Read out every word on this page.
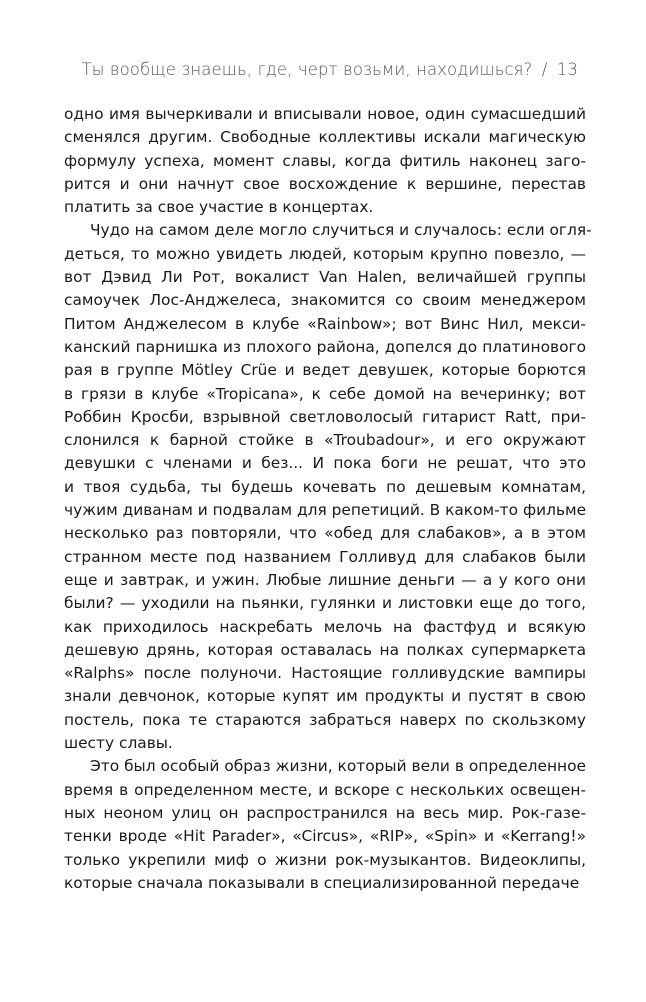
Ты вообще знаешь, где, черт возьми, находишься? / 13

одно имя вычеркивали и вписывали новое, один сумасшедший
сменялся другим. Свободные коллективы искали магическую
формулу успеха, момент славы, когда фитиль наконец заго-
рится и они начнут свое восхождение к вершине, перестав
платить за свое участие в концертах.

Чудо на самом деле могло случиться и случалось: если огля-
деться, то можно увидеть людей, которым крупно повезло, —
вот Дэвид Ли Рот, вокалист Van Halen, величайшей группы
самоучек Лос-Анджелеса, знакомится со своим менеджером
Питом Анджелесом в клубе «Rainbow»; вот Винс Нил, мекси-
канский парнишка из плохого района, допелся до платинового
рая в группе Mötley Crüe и ведет девушек, которые борются
в грязи в клубе «Tropicana», к себе домой на вечеринку; вот
Роббин Кросби, взрывной светловолосый гитарист Ratt, при-
слонился к барной стойке в «Troubadour», и его окружают
девушки с членами и без... И пока боги не решат, что это
и твоя судьба, ты будешь кочевать по дешевым комнатам,
чужим диванам и подвалам для репетиций. В каком-то фильме
несколько раз повторяли, что «обед для слабаков», а в этом
странном месте под названием Голливуд для слабаков были
еще и завтрак, и ужин. Любые лишние деньги — а у кого они
были? — уходили на пьянки, гулянки и листовки еще до того,
как приходилось наскребать мелочь на фастфуд и всякую
дешевую дрянь, которая оставалась на полках супермаркета
«Ralphs» после полуночи. Настоящие голливудские вампиры
знали девчонок, которые купят им продукты и пустят в свою
постель, пока те стараются забраться наверх по скользкому
шесту славы.

Это был особый образ жизни, который вели в определенное
время в определенном месте, и вскоре с нескольких освещен-
ных неоном улиц он распространился на весь мир. Рок-газе-
тенки вроде «Hit Parader», «Circus», «RIP», «Spin» и «Kerrang!»
только укрепили миф о жизни рок-музыкантов. Видеоклипы,
которые сначала показывали в специализированной передаче
